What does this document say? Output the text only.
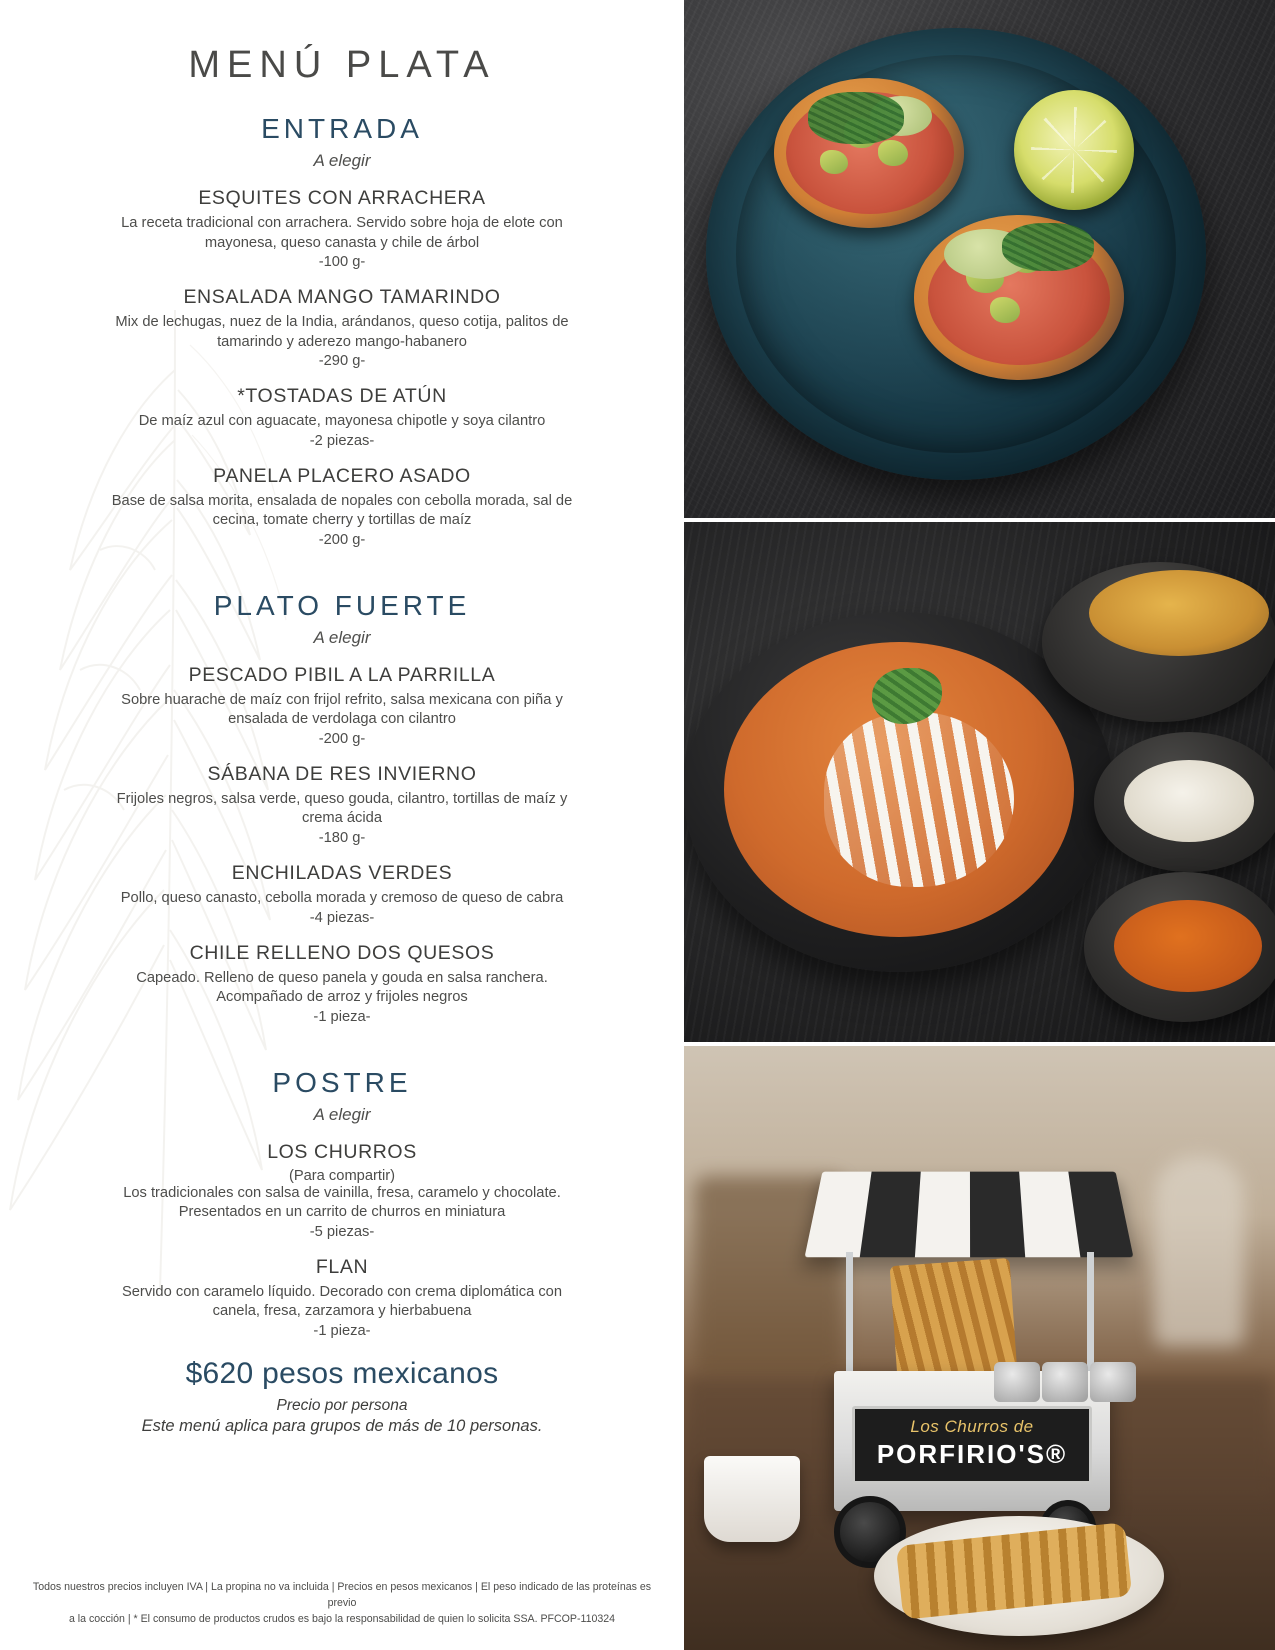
MENÚ PLATA
ENTRADA
A elegir
ESQUITES CON ARRACHERA
La receta tradicional con arrachera. Servido sobre hoja de elote con mayonesa, queso canasta y chile de árbol
-100 g-
ENSALADA MANGO TAMARINDO
Mix de lechugas, nuez de la India, arándanos, queso cotija, palitos de tamarindo y aderezo mango-habanero
-290 g-
*TOSTADAS DE ATÚN
De maíz azul con aguacate, mayonesa chipotle y soya cilantro
-2 piezas-
PANELA PLACERO ASADO
Base de salsa morita, ensalada de nopales con cebolla morada, sal de cecina, tomate cherry y tortillas de maíz
-200 g-
PLATO FUERTE
A elegir
PESCADO PIBIL A LA PARRILLA
Sobre huarache de maíz con frijol refrito, salsa mexicana con piña y ensalada de verdolaga con cilantro
-200 g-
SÁBANA DE RES INVIERNO
Frijoles negros, salsa verde, queso gouda, cilantro, tortillas de maíz y crema ácida
-180 g-
ENCHILADAS VERDES
Pollo, queso canasto, cebolla morada y cremoso de queso de cabra
-4 piezas-
CHILE RELLENO DOS QUESOS
Capeado. Relleno de queso panela y gouda en salsa ranchera. Acompañado de arroz y frijoles negros
-1 pieza-
POSTRE
A elegir
LOS CHURROS
(Para compartir)
Los tradicionales con salsa de vainilla, fresa, caramelo y chocolate. Presentados en un carrito de churros en miniatura
-5 piezas-
FLAN
Servido con caramelo líquido. Decorado con crema diplomática con canela, fresa, zarzamora y hierbabuena
-1 pieza-
$620 pesos mexicanos
Precio por persona
Este menú aplica para grupos de más de 10 personas.
Todos nuestros precios incluyen IVA | La propina no va incluida | Precios en pesos mexicanos | El peso indicado de las proteínas es previo
a la cocción | * El consumo de productos crudos es bajo la responsabilidad de quien lo solicita SSA. PFCOP-110324
Los Churros de
PORFIRIO'S®
